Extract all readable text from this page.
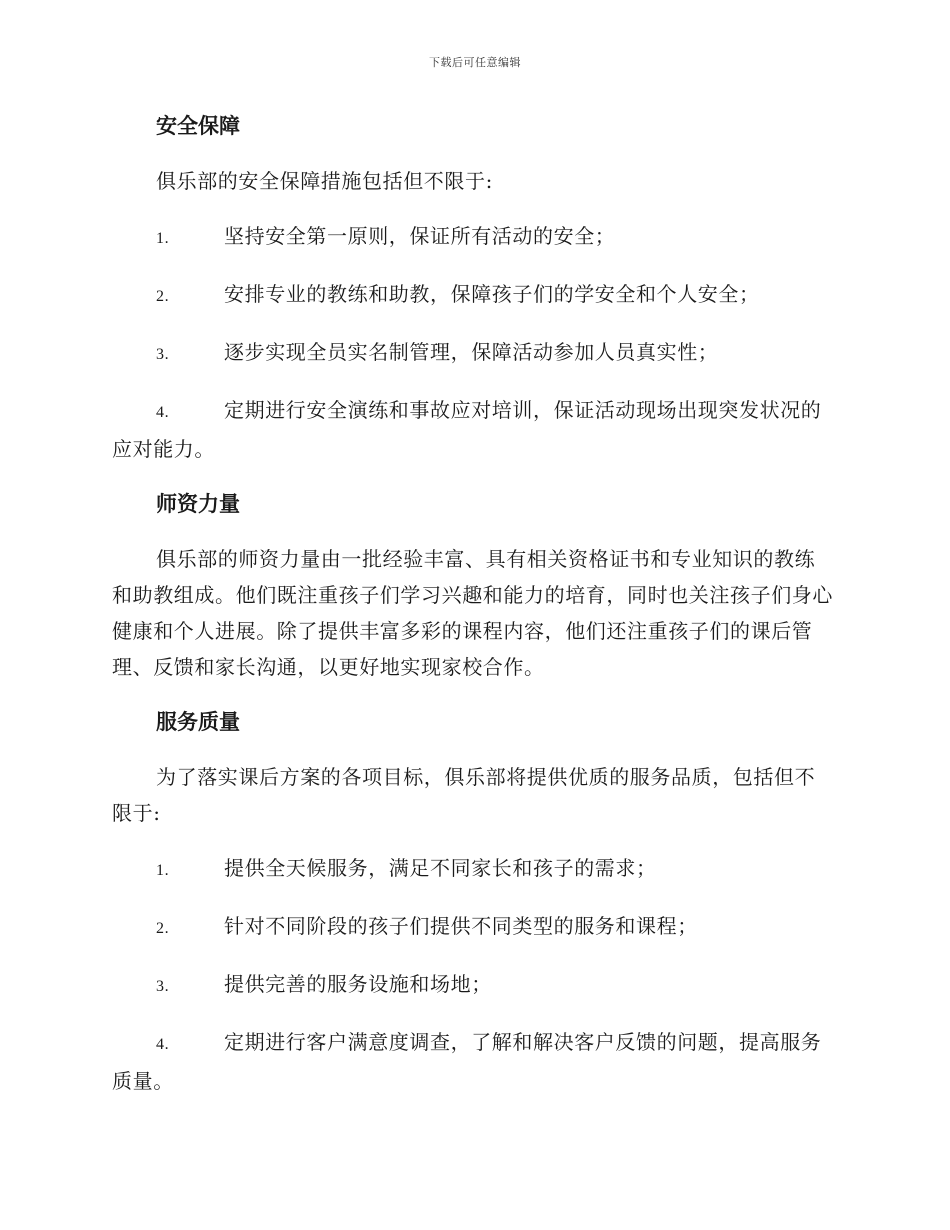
下载后可任意编辑
安全保障
俱乐部的安全保障措施包括但不限于:
1.	坚持安全第一原则，保证所有活动的安全；
2.	安排专业的教练和助教，保障孩子们的学安全和个人安全；
3.	逐步实现全员实名制管理，保障活动参加人员真实性；
4.	定期进行安全演练和事故应对培训，保证活动现场出现突发状况的应对能力。
师资力量
俱乐部的师资力量由一批经验丰富、具有相关资格证书和专业知识的教练和助教组成。他们既注重孩子们学习兴趣和能力的培育，同时也关注孩子们身心健康和个人进展。除了提供丰富多彩的课程内容，他们还注重孩子们的课后管理、反馈和家长沟通，以更好地实现家校合作。
服务质量
为了落实课后方案的各项目标，俱乐部将提供优质的服务品质，包括但不限于:
1.	提供全天候服务，满足不同家长和孩子的需求；
2.	针对不同阶段的孩子们提供不同类型的服务和课程；
3.	提供完善的服务设施和场地；
4.	定期进行客户满意度调查，了解和解决客户反馈的问题，提高服务质量。
